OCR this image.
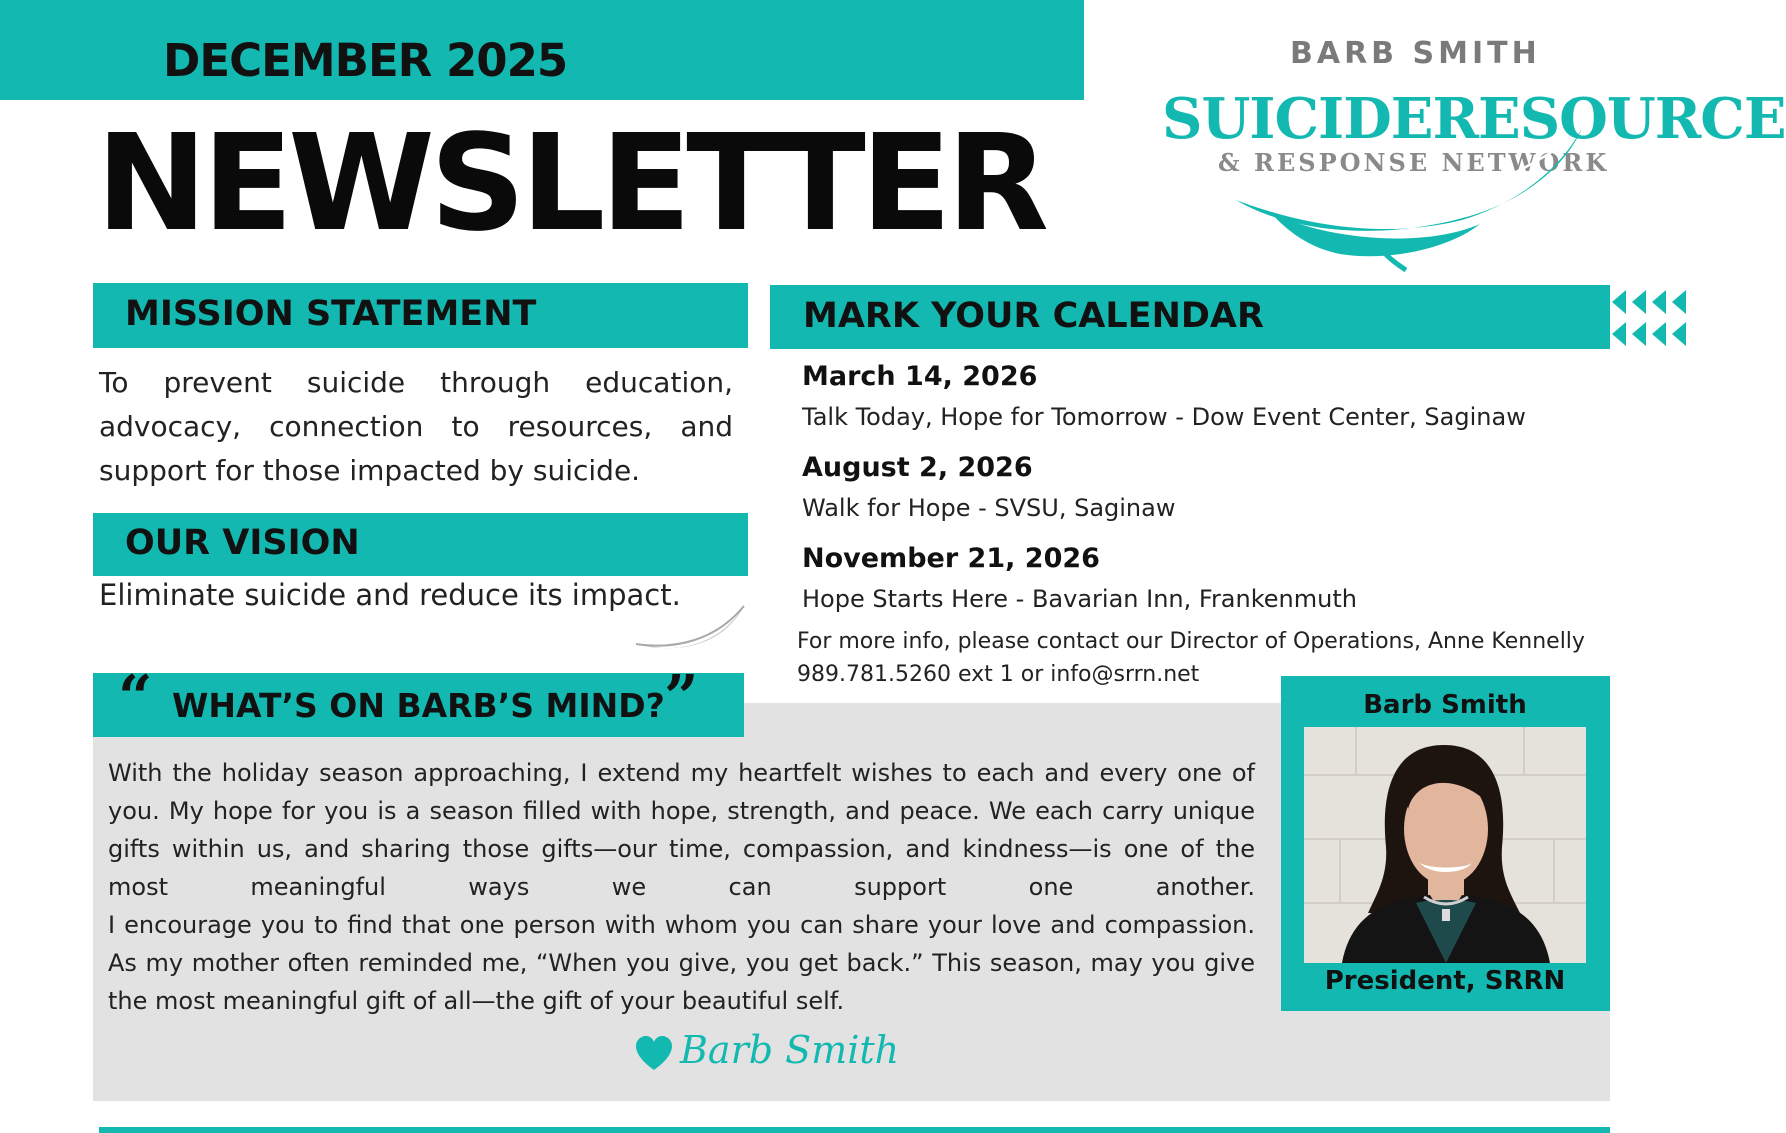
DECEMBER 2025
NEWSLETTER
BARB SMITH
SUICIDERESOURCE
& RESPONSE NETWORK
MISSION STATEMENT

To prevent suicide through education, advocacy, connection to resources, and support for those impacted by suicide.

OUR VISION

Eliminate suicide and reduce its impact.

MARK YOUR CALENDAR
March 14, 2026
Talk Today, Hope for Tomorrow - Dow Event Center, Saginaw
August 2, 2026
Walk for Hope - SVSU, Saginaw
November 21, 2026
Hope Starts Here - Bavarian Inn, Frankenmuth
For more info, please contact our Director of Operations, Anne Kennelly
989.781.5260 ext 1 or info@srrn.net
“ WHAT’S ON BARB’S MIND? ”

With the holiday season approaching, I extend my heartfelt wishes to each and every one of you. My hope for you is a season filled with hope, strength, and peace. We each carry unique gifts within us, and sharing those gifts—our time, compassion, and kindness—is one of the most meaningful ways we can support one another.

I encourage you to find that one person with whom you can share your love and compassion. As my mother often reminded me, “When you give, you get back.” This season, may you give the most meaningful gift of all—the gift of your beautiful self.

Barb Smith
Barb Smith
President, SRRN
